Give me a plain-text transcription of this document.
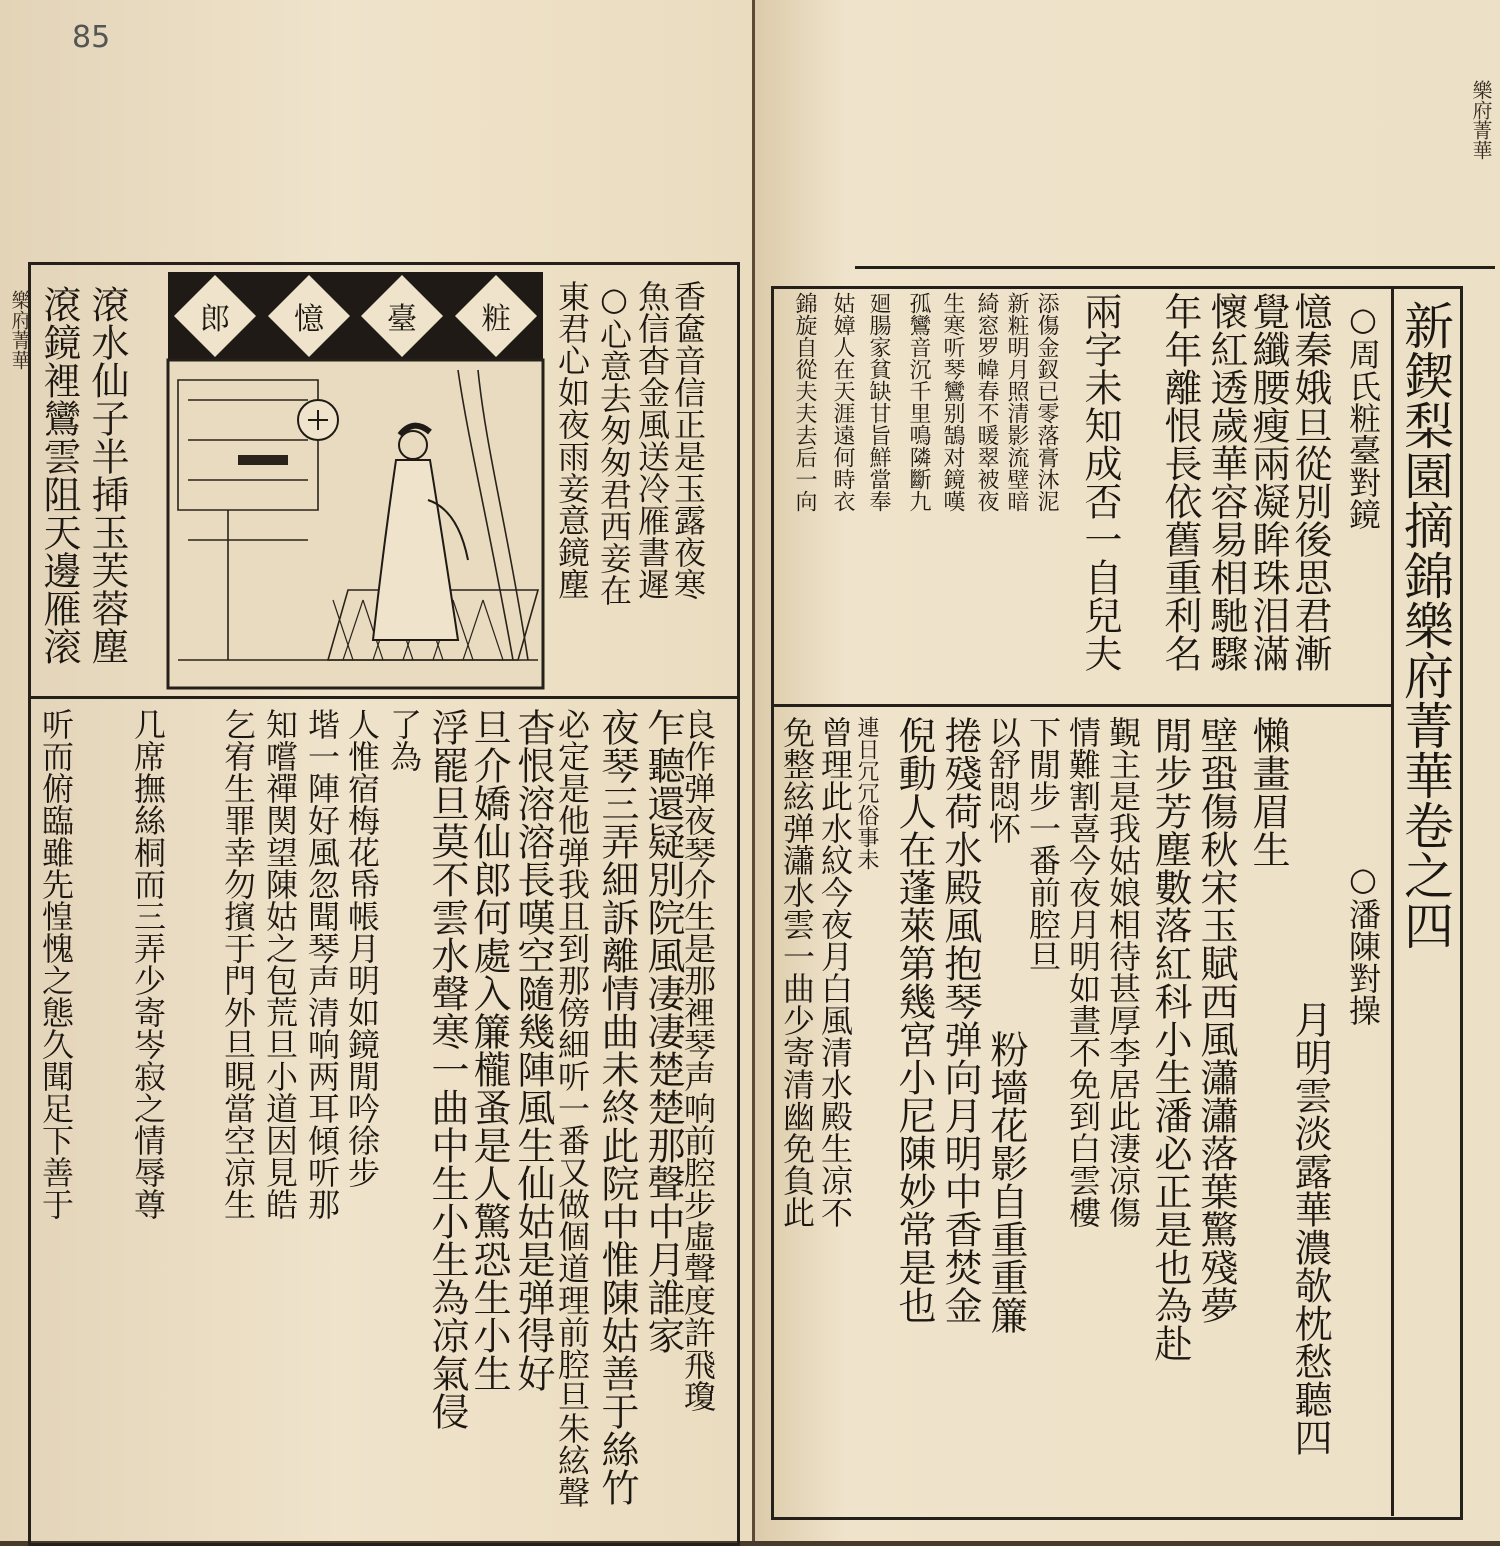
85
樂府菁華	郎 憶 臺 粧	香奩音信正是玉露夜寒
魚信杳金風送冷雁書遲
○心意去匆匆君西妾在
東君心如夜雨妾意鏡塵
滾水仙子半揷玉芙蓉塵
滾鏡裡鸞雲阻天邊雁滚
良作弹夜琴介生是那裡琴声响前腔步虛聲度許飛瓊
乍聽還疑別院風凄凄楚楚那聲中月誰家
夜琴三弄細訴離情曲未終此院中惟陳姑善于絲竹
必定是他弹我且到那傍細听一番又做個道理前腔旦朱絃聲
杳恨溶溶長嘆空隨幾陣風生仙姑是弹得好
旦介嬌仙郎何處入簾櫳蚤是人驚恐生小生
浮罷旦莫不雲水聲寒一曲中生小生為凉氣侵
了為
人惟宿梅花帋帳月明如鏡閒吟徐步
堦一陣好風忽聞琴声清响两耳傾听那
知嚐禪関望陳姑之包荒旦小道因見皓
乞宥生罪幸勿擯于門外旦睍當空凉生
几席撫絲桐而三弄少寄岑寂之情辱尊
听而俯臨雖先惶愧之態久聞足下善于
樂府菁華
新鍥梨園摘錦樂府菁華卷之四
○周氏粧臺對鏡
憶秦娥旦從別後思君漸
覺纖腰瘦兩凝眸珠泪滿
懷紅透歲華容易相馳驟
年年離恨長依舊重利名
兩字未知成否一自兒夫
添傷金釵已零落膏沐泥
新粧明月照清影流壁暗
綺窓罗幃春不暖翠被夜
生寒听琴鸞别鵠对鏡嘆
孤鸞音沉千里鳴隣斷九
廻腸家貧缺甘旨鮮當奉
姑嫜人在天涯遠何時衣
錦旋自從夫夫去后一向
○潘陳對操
月明雲淡露華濃欹枕愁聽四
懶畫眉生
壁蛩傷秋宋玉賦西風瀟瀟落葉驚殘夢
閒步芳塵數落紅科小生潘必正是也為赴
覲主是我姑娘相待甚厚李居此淒凉傷
情難割喜今夜月明如晝不免到白雲樓
下閒步一番前腔旦
以舒悶怀
粉墻花影自重重簾
捲殘荷水殿風抱琴弹向月明中香焚金
倪動人在蓬萊第幾宮小尼陳妙常是也
連日冗冗俗事未
曾理此水紋今夜月白風清水殿生凉不
免整絃弹瀟水雲一曲少寄清幽免負此
